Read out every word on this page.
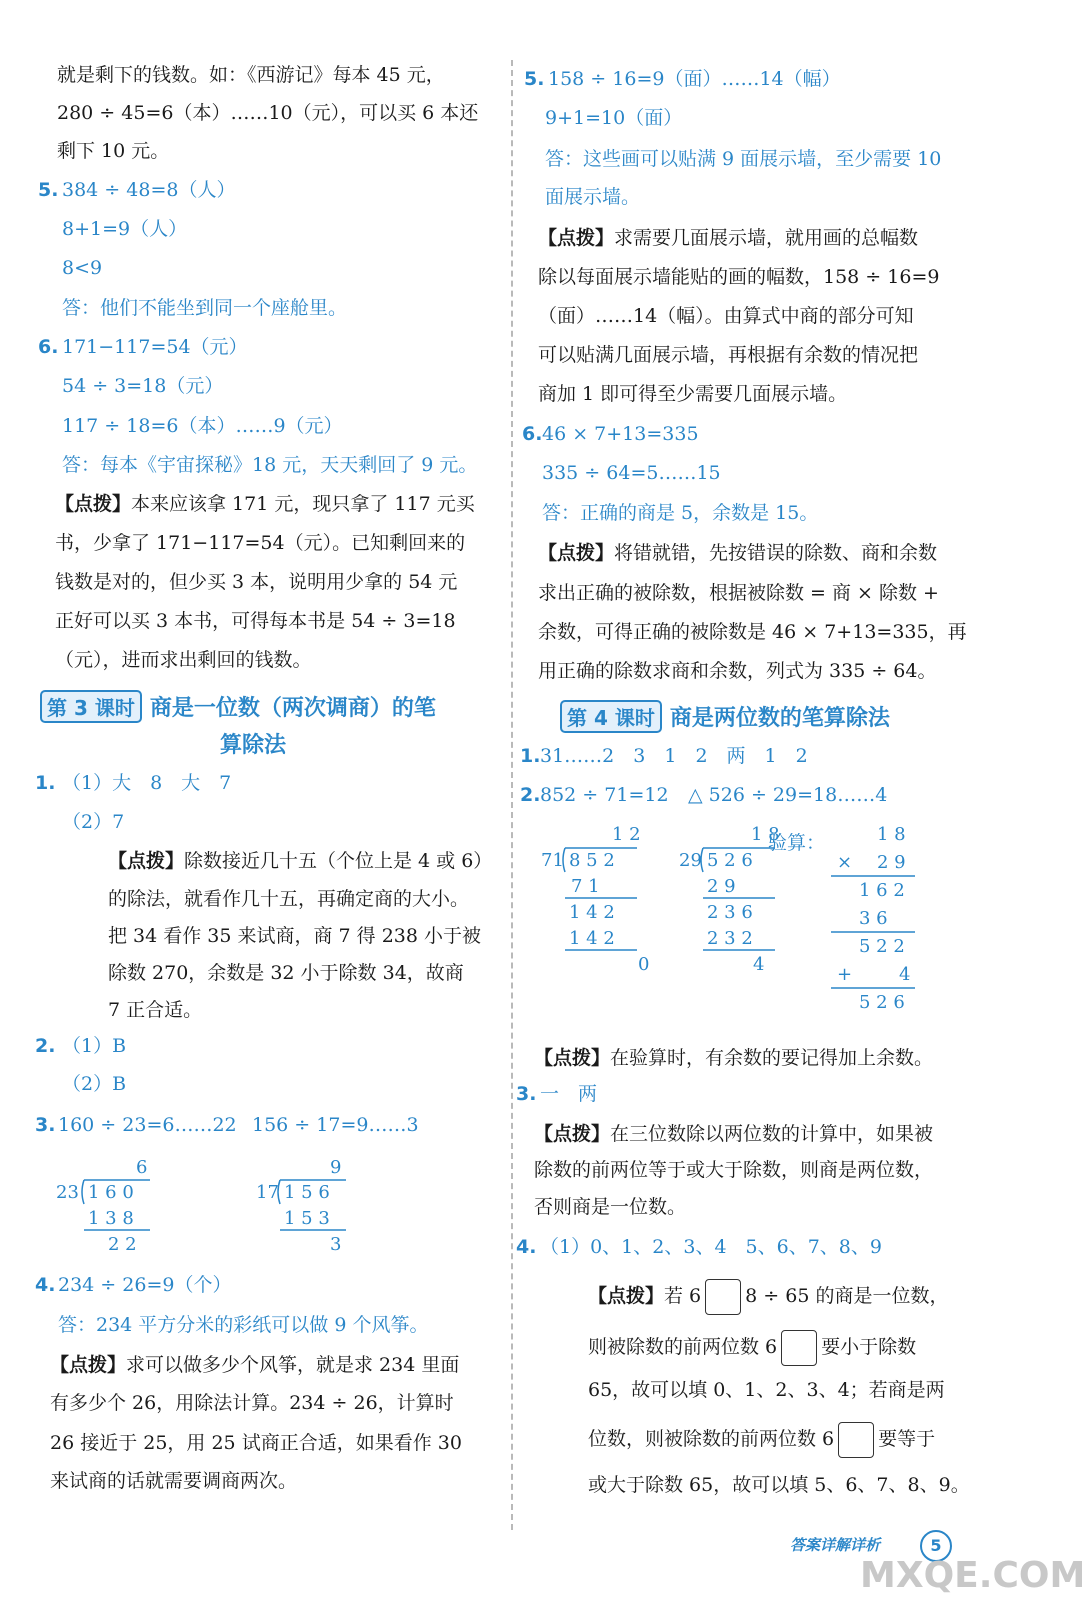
就是剩下的钱数。如：《西游记》每本 45 元，
280 ÷ 45=6（本）……10（元），可以买 6 本还
剩下 10 元。
5. 384 ÷ 48=8（人）
8+1=9（人）
8<9
答：他们不能坐到同一个座舱里。
6. 171−117=54（元）
54 ÷ 3=18（元）
117 ÷ 18=6（本）……9（元）
答：每本《宇宙探秘》18 元，天天剩回了 9 元。
【点拨】本来应该拿 171 元，现只拿了 117 元买
书，少拿了 171−117=54（元）。已知剩回来的
钱数是对的，但少买 3 本，说明用少拿的 54 元
正好可以买 3 本书，可得每本书是 54 ÷ 3=18
（元），进而求出剩回的钱数。
第 3 课时 商是一位数（两次调商）的笔
算除法
1. （1）大　8　大　7
（2）7
【点拨】除数接近几十五（个位上是 4 或 6）
的除法，就看作几十五，再确定商的大小。
把 34 看作 35 来试商，商 7 得 238 小于被
除数 270，余数是 32 小于除数 34，故商
7 正合适。
2. （1）B
（2）B
3. 160 ÷ 23=6……22 156 ÷ 17=9……3
6
23 1 6 0
1 3 8
2 2
9
17 1 5 6
1 5 3
3
4. 234 ÷ 26=9（个）
答：234 平方分米的彩纸可以做 9 个风筝。
【点拨】求可以做多少个风筝，就是求 234 里面
有多少个 26，用除法计算。234 ÷ 26，计算时
26 接近于 25，用 25 试商正合适，如果看作 30
来试商的话就需要调商两次。
5. 158 ÷ 16=9（面）……14（幅）
9+1=10（面）
答：这些画可以贴满 9 面展示墙，至少需要 10
面展示墙。
【点拨】求需要几面展示墙，就用画的总幅数
除以每面展示墙能贴的画的幅数，158 ÷ 16=9
（面）……14（幅）。由算式中商的部分可知
可以贴满几面展示墙，再根据有余数的情况把
商加 1 即可得至少需要几面展示墙。
6. 46 × 7+13=335
335 ÷ 64=5……15
答：正确的商是 5，余数是 15。
【点拨】将错就错，先按错误的除数、商和余数
求出正确的被除数，根据被除数 = 商 × 除数 +
余数，可得正确的被除数是 46 × 7+13=335，再
用正确的除数求商和余数，列式为 335 ÷ 64。
第 4 课时 商是两位数的笔算除法
1. 31……2　3　1　2　两　1　2
2. 852 ÷ 71=12 △ 526 ÷ 29=18……4
1 2
71 8 5 2
7 1
1 4 2
1 4 2
0
1 8
29 5 2 6
2 9
2 3 6
2 3 2
4
验算：	1 8
× 2 9
1 6 2
3 6
5 2 2
+	4
5 2 6
【点拨】在验算时，有余数的要记得加上余数。
3. 一　两
【点拨】在三位数除以两位数的计算中，如果被
除数的前两位等于或大于除数，则商是两位数，
否则商是一位数。
4. （1）0、1、2、3、4　5、6、7、8、9
【点拨】若 6 8 ÷ 65 的商是一位数，
则被除数的前两位数 6 要小于除数
65，故可以填 0、1、2、3、4；若商是两
位数，则被除数的前两位数 6 要等于
或大于除数 65，故可以填 5、6、7、8、9。
答案详解详析	5
MXQE.COM
